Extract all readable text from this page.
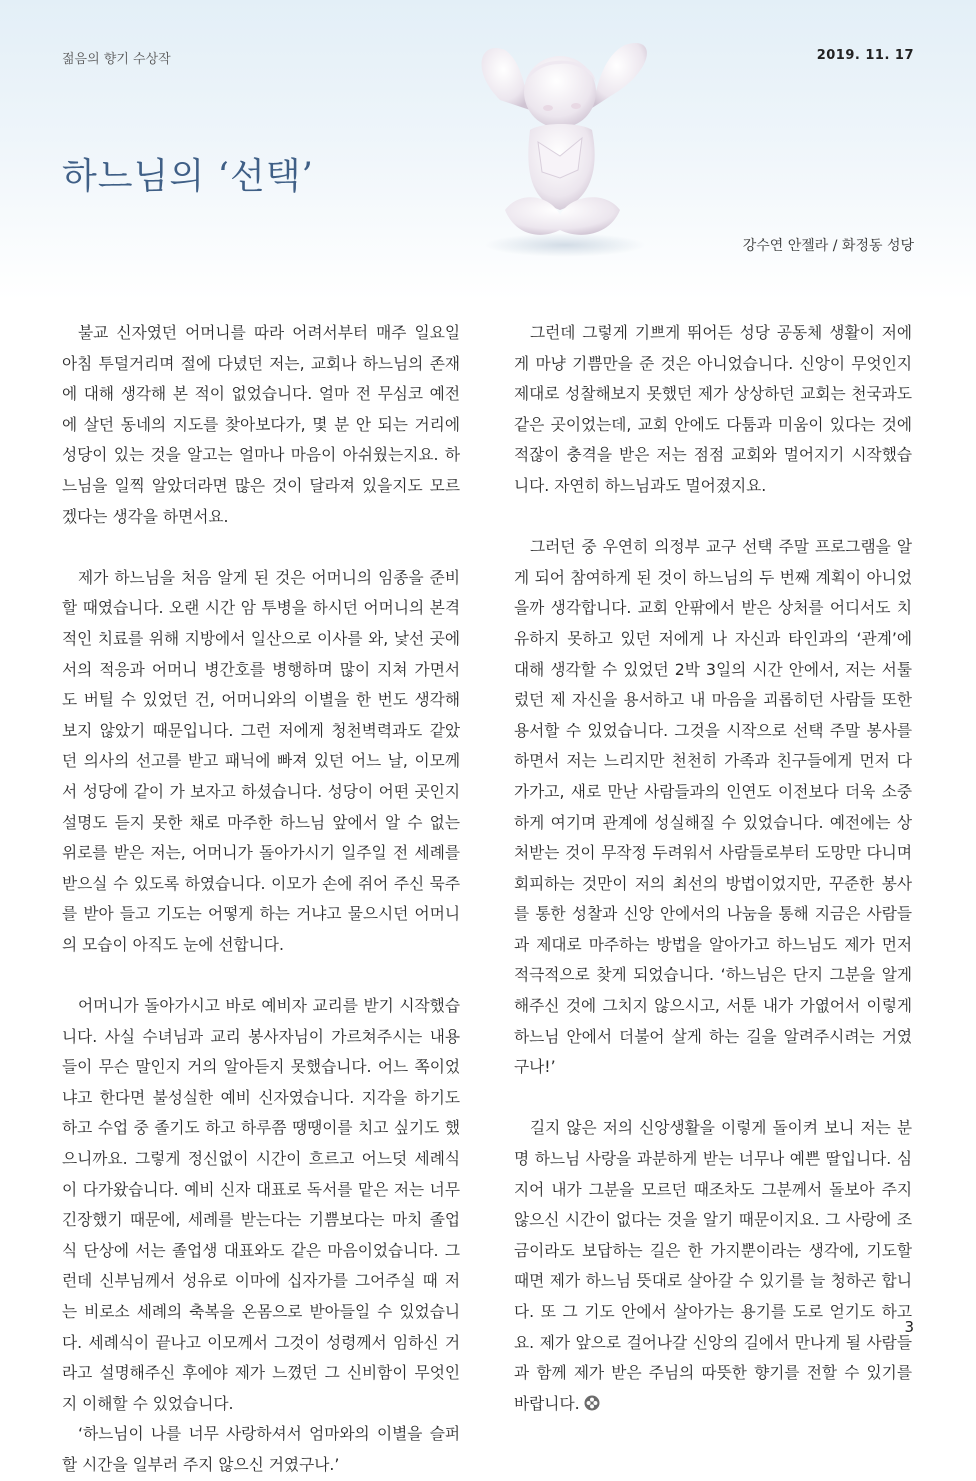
젊음의 향기 수상작	2019. 11. 17
하느님의 ‘선택’
강수연 안젤라 / 화정동 성당

불교 신자였던 어머니를 따라 어려서부터 매주 일요일 아침 투덜거리며 절에 다녔던 저는, 교회나 하느님의 존재에 대해 생각해 본 적이 없었습니다. 얼마 전 무심코 예전에 살던 동네의 지도를 찾아보다가, 몇 분 안 되는 거리에 성당이 있는 것을 알고는 얼마나 마음이 아쉬웠는지요. 하느님을 일찍 알았더라면 많은 것이 달라져 있을지도 모르겠다는 생각을 하면서요.

제가 하느님을 처음 알게 된 것은 어머니의 임종을 준비할 때였습니다. 오랜 시간 암 투병을 하시던 어머니의 본격적인 치료를 위해 지방에서 일산으로 이사를 와, 낯선 곳에서의 적응과 어머니 병간호를 병행하며 많이 지쳐 가면서도 버틸 수 있었던 건, 어머니와의 이별을 한 번도 생각해보지 않았기 때문입니다. 그런 저에게 청천벽력과도 같았던 의사의 선고를 받고 패닉에 빠져 있던 어느 날, 이모께서 성당에 같이 가 보자고 하셨습니다. 성당이 어떤 곳인지 설명도 듣지 못한 채로 마주한 하느님 앞에서 알 수 없는 위로를 받은 저는, 어머니가 돌아가시기 일주일 전 세례를 받으실 수 있도록 하였습니다. 이모가 손에 쥐어 주신 묵주를 받아 들고 기도는 어떻게 하는 거냐고 물으시던 어머니의 모습이 아직도 눈에 선합니다.

어머니가 돌아가시고 바로 예비자 교리를 받기 시작했습니다. 사실 수녀님과 교리 봉사자님이 가르쳐주시는 내용들이 무슨 말인지 거의 알아듣지 못했습니다. 어느 쪽이었냐고 한다면 불성실한 예비 신자였습니다. 지각을 하기도 하고 수업 중 졸기도 하고 하루쯤 땡땡이를 치고 싶기도 했으니까요. 그렇게 정신없이 시간이 흐르고 어느덧 세례식이 다가왔습니다. 예비 신자 대표로 독서를 맡은 저는 너무 긴장했기 때문에, 세례를 받는다는 기쁨보다는 마치 졸업식 단상에 서는 졸업생 대표와도 같은 마음이었습니다. 그런데 신부님께서 성유로 이마에 십자가를 그어주실 때 저는 비로소 세례의 축복을 온몸으로 받아들일 수 있었습니다. 세례식이 끝나고 이모께서 그것이 성령께서 임하신 거라고 설명해주신 후에야 제가 느꼈던 그 신비함이 무엇인지 이해할 수 있었습니다.

‘하느님이 나를 너무 사랑하셔서 엄마와의 이별을 슬퍼할 시간을 일부러 주지 않으신 거였구나.’

그런데 그렇게 기쁘게 뛰어든 성당 공동체 생활이 저에게 마냥 기쁨만을 준 것은 아니었습니다. 신앙이 무엇인지 제대로 성찰해보지 못했던 제가 상상하던 교회는 천국과도 같은 곳이었는데, 교회 안에도 다툼과 미움이 있다는 것에 적잖이 충격을 받은 저는 점점 교회와 멀어지기 시작했습니다. 자연히 하느님과도 멀어졌지요.

그러던 중 우연히 의정부 교구 선택 주말 프로그램을 알게 되어 참여하게 된 것이 하느님의 두 번째 계획이 아니었을까 생각합니다. 교회 안팎에서 받은 상처를 어디서도 치유하지 못하고 있던 저에게 나 자신과 타인과의 ‘관계’에 대해 생각할 수 있었던 2박 3일의 시간 안에서, 저는 서툴렀던 제 자신을 용서하고 내 마음을 괴롭히던 사람들 또한 용서할 수 있었습니다. 그것을 시작으로 선택 주말 봉사를 하면서 저는 느리지만 천천히 가족과 친구들에게 먼저 다가가고, 새로 만난 사람들과의 인연도 이전보다 더욱 소중하게 여기며 관계에 성실해질 수 있었습니다. 예전에는 상처받는 것이 무작정 두려워서 사람들로부터 도망만 다니며 회피하는 것만이 저의 최선의 방법이었지만, 꾸준한 봉사를 통한 성찰과 신앙 안에서의 나눔을 통해 지금은 사람들과 제대로 마주하는 방법을 알아가고 하느님도 제가 먼저 적극적으로 찾게 되었습니다. ‘하느님은 단지 그분을 알게 해주신 것에 그치지 않으시고, 서툰 내가 가엾어서 이렇게 하느님 안에서 더불어 살게 하는 길을 알려주시려는 거였구나!’

길지 않은 저의 신앙생활을 이렇게 돌이켜 보니 저는 분명 하느님 사랑을 과분하게 받는 너무나 예쁜 딸입니다. 심지어 내가 그분을 모르던 때조차도 그분께서 돌보아 주지 않으신 시간이 없다는 것을 알기 때문이지요. 그 사랑에 조금이라도 보답하는 길은 한 가지뿐이라는 생각에, 기도할 때면 제가 하느님 뜻대로 살아갈 수 있기를 늘 청하곤 합니다. 또 그 기도 안에서 살아가는 용기를 도로 얻기도 하고요. 제가 앞으로 걸어나갈 신앙의 길에서 만나게 될 사람들과 함께 제가 받은 주님의 따뜻한 향기를 전할 수 있기를 바랍니다.

3
